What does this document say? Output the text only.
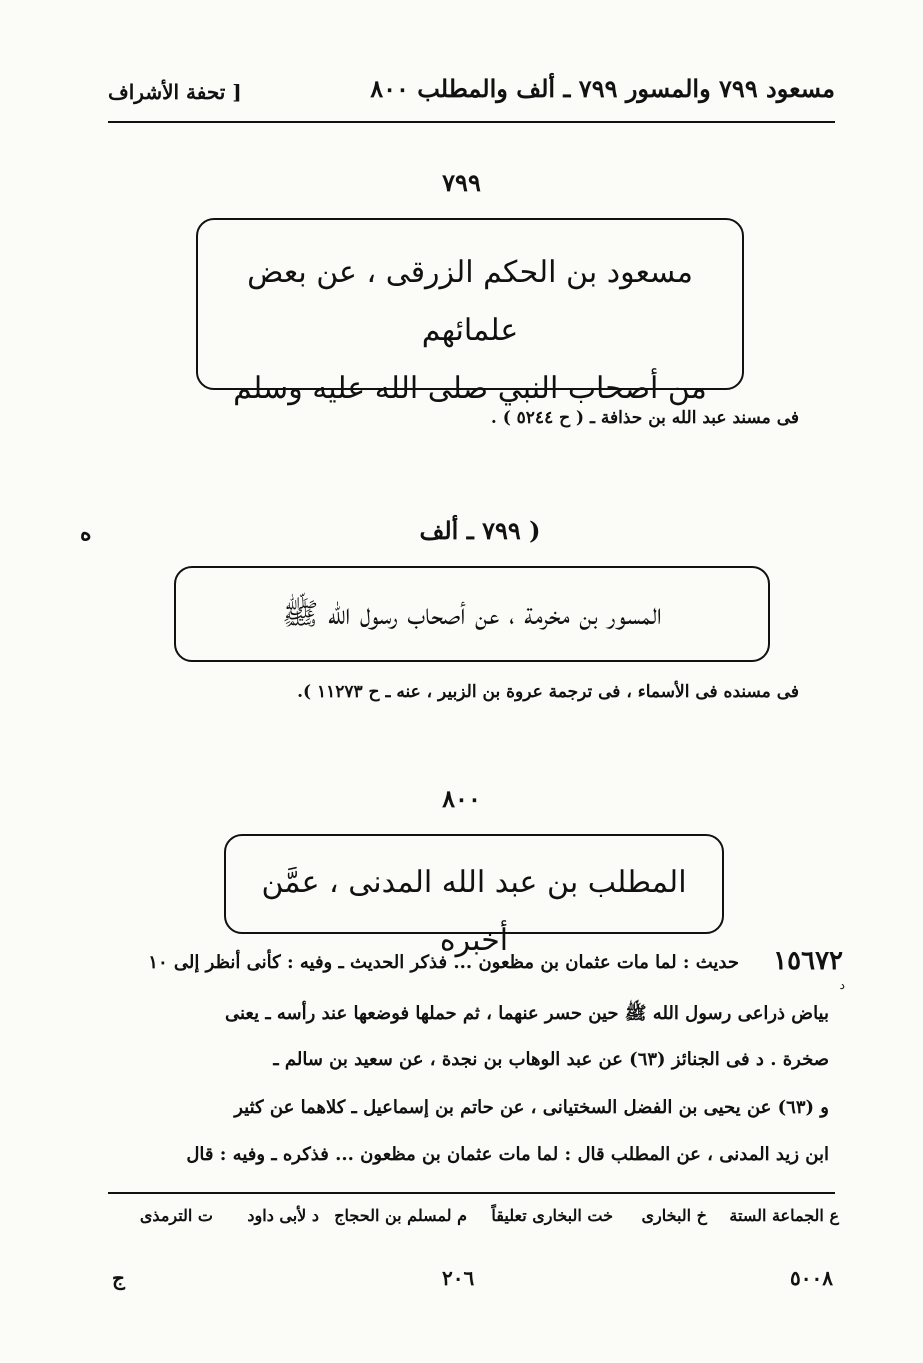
مسعود ٧٩٩ والمسور ٧٩٩ ـ ألف والمطلب ٨٠٠
[ تحفة الأشراف
٧٩٩
مسعود بن الحكم الزرقى ، عن بعض علمائهم
من أصحاب النبي صلى الله عليه وسلم
فى مسند عبد الله بن حذافة ـ ( ح ٥٢٤٤ ) .
( ٧٩٩ ـ ألف
ه
المسور بن مخرمة ، عن أصحاب رسول الله ﷺ
فى مسنده فى الأسماء ، فى ترجمة عروة بن الزبير ، عنه ـ ح ١١٢٧٣ ).
٨٠٠
المطلب بن عبد الله المدنى ، عمَّن أخبره
١٥٦٧٢
د
حديث : لما مات عثمان بن مظعون ... فذكر الحديث ـ وفيه : كأنى أنظر إلى ١٠
بياض ذراعى رسول الله ﷺ حين حسر عنهما ، ثم حملها فوضعها عند رأسه ـ يعنى
صخرة . د فى الجنائز (٦٣) عن عبد الوهاب بن نجدة ، عن سعيد بن سالم ـ
و (٦٣) عن يحيى بن الفضل السختيانى ، عن حاتم بن إسماعيل ـ كلاهما عن كثير
ابن زيد المدنى ، عن المطلب قال : لما مات عثمان بن مظعون ... فذكره ـ وفيه : قال
ع الجماعة الستة
خ البخارى
خت البخارى تعليقاً
م لمسلم بن الحجاج
د لأبى داود
ت الترمذى
٥٠٠٨
٢٠٦
ج
